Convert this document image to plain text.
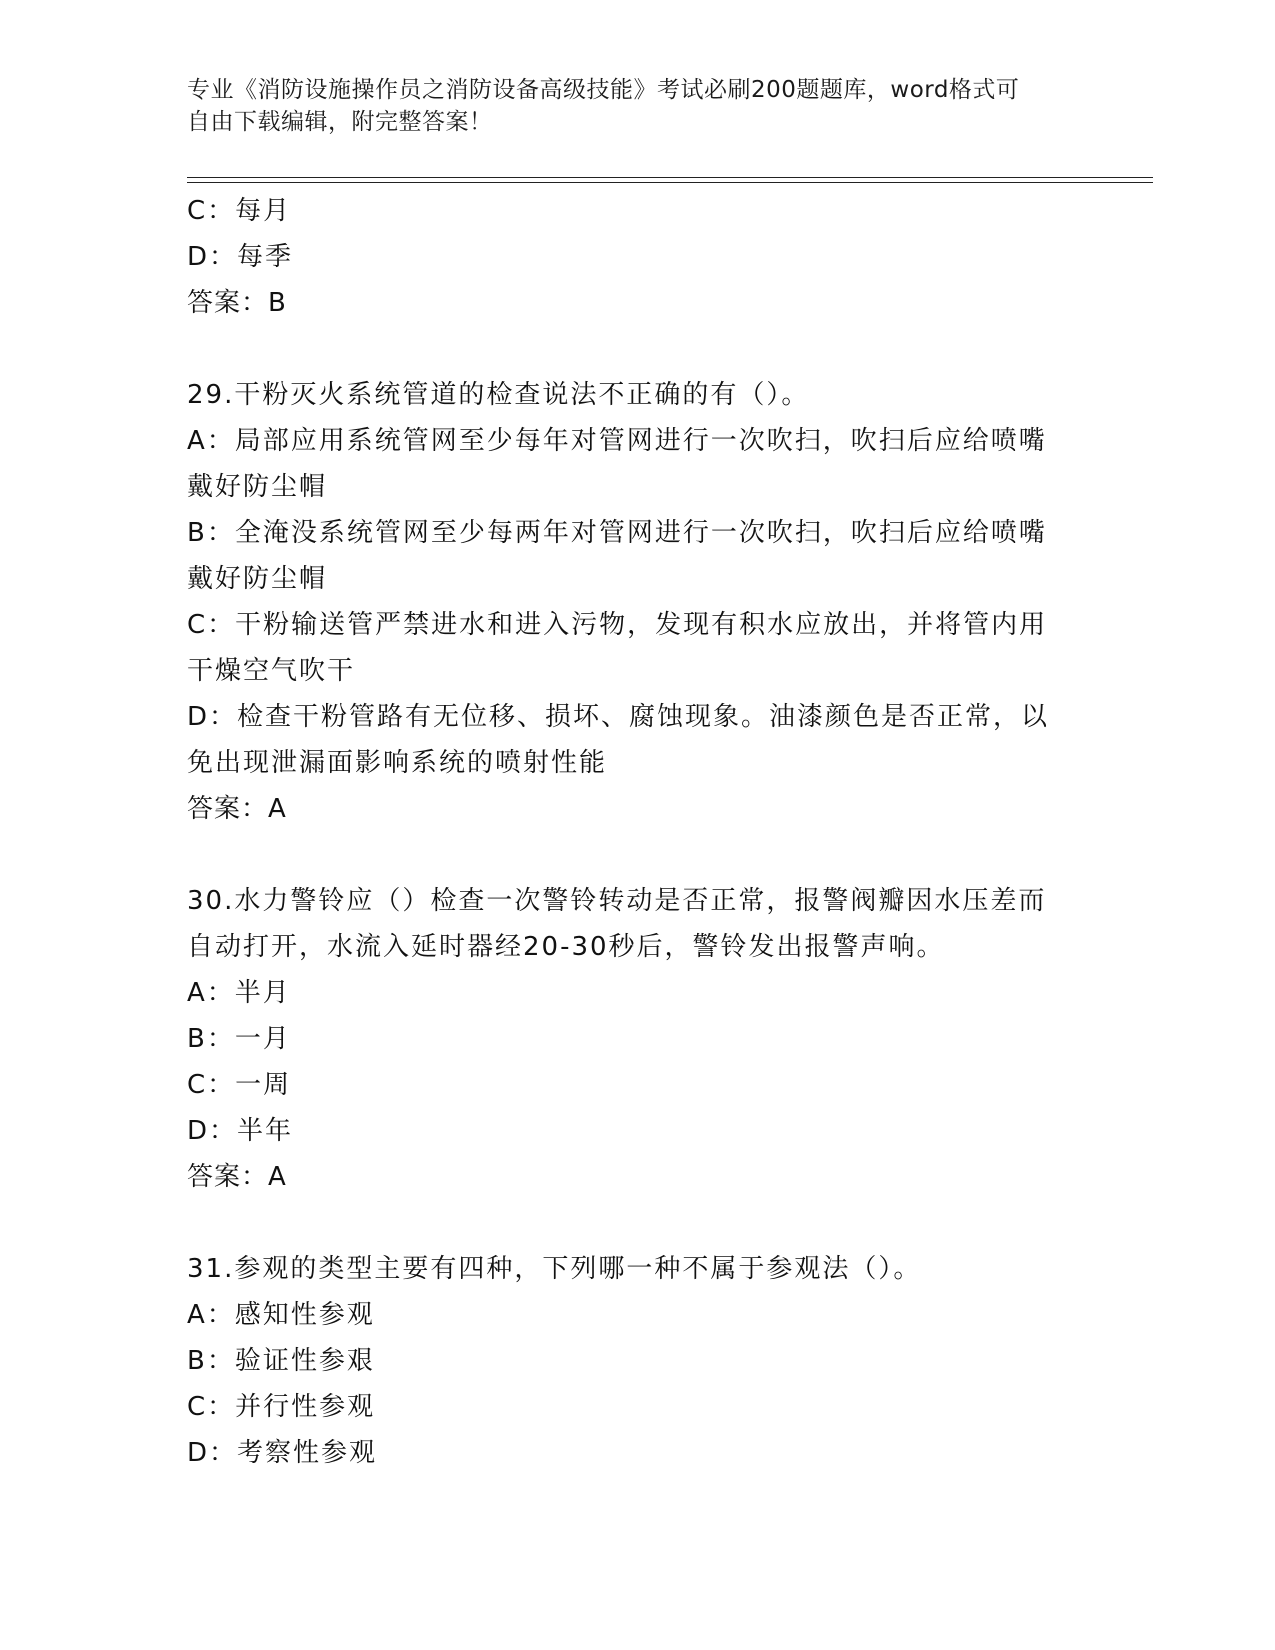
专业《消防设施操作员之消防设备高级技能》考试必刷200题题库，word格式可
自由下载编辑，附完整答案！
C：每月
D：每季
答案：B
29.干粉灭火系统管道的检查说法不正确的有（）。
A：局部应用系统管网至少每年对管网进行一次吹扫，吹扫后应给喷嘴
戴好防尘帽
B：全淹没系统管网至少每两年对管网进行一次吹扫，吹扫后应给喷嘴
戴好防尘帽
C：干粉输送管严禁进水和进入污物，发现有积水应放出，并将管内用
干燥空气吹干
D：检查干粉管路有无位移、损坏、腐蚀现象。油漆颜色是否正常，以
免出现泄漏面影响系统的喷射性能
答案：A
30.水力警铃应（）检查一次警铃转动是否正常，报警阀瓣因水压差而
自动打开，水流入延时器经20-30秒后，警铃发出报警声响。
A：半月
B：一月
C：一周
D：半年
答案：A
31.参观的类型主要有四种，下列哪一种不属于参观法（）。
A：感知性参观
B：验证性参艰
C：并行性参观
D：考察性参观
